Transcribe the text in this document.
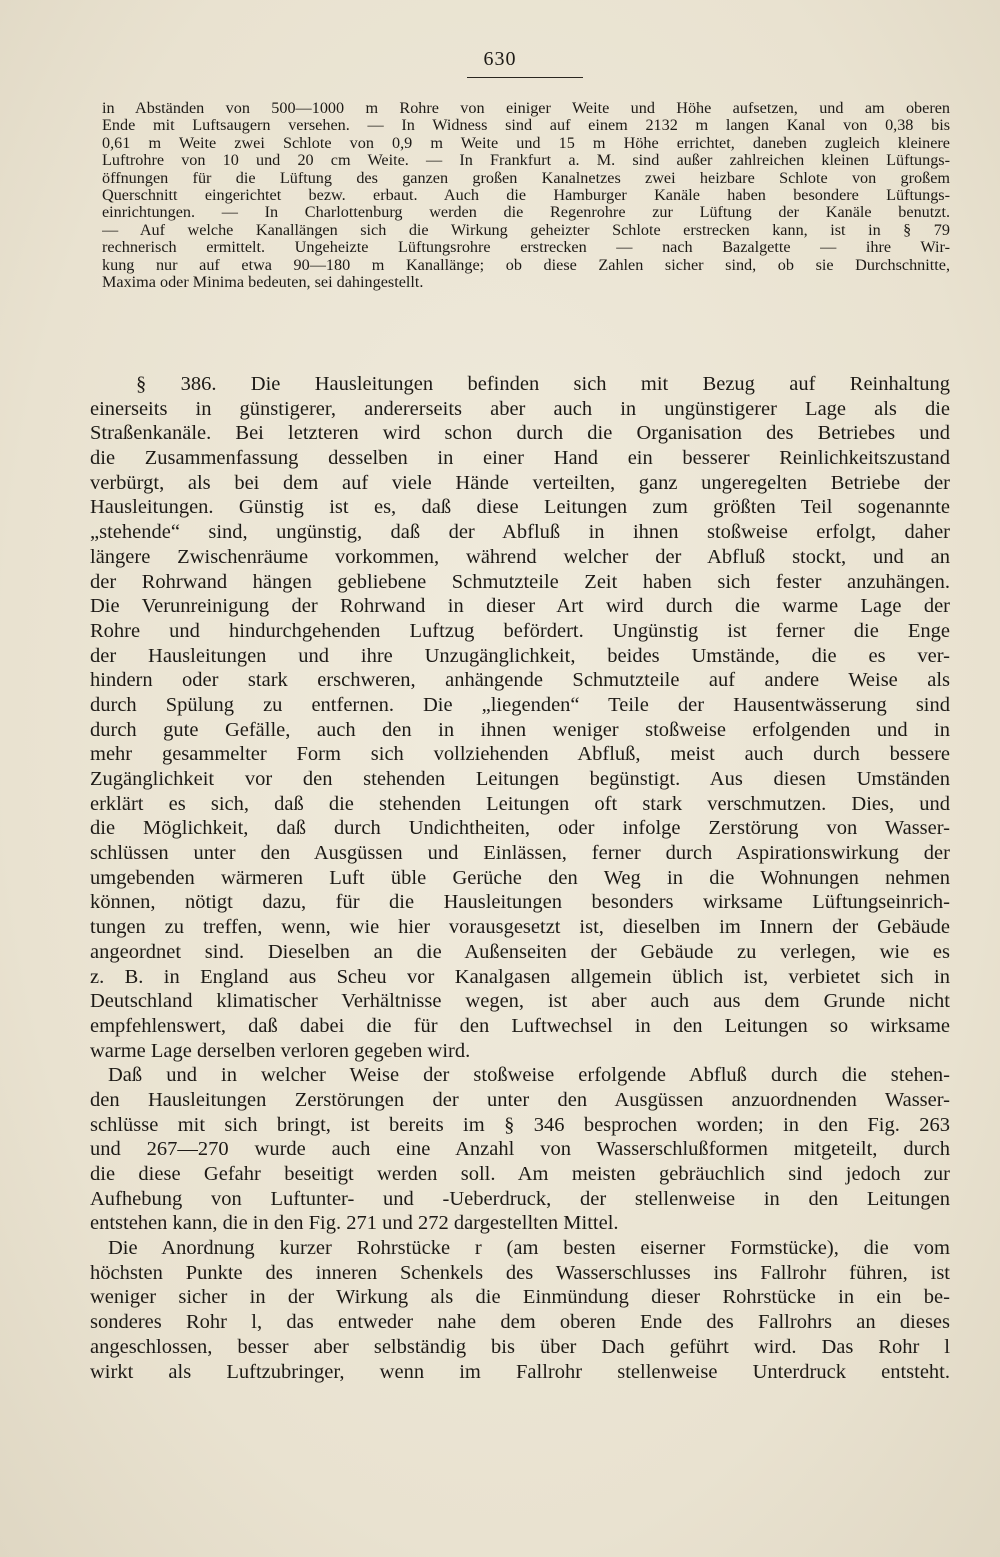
630
in Abständen von 500—1000 m Rohre von einiger Weite und Höhe aufsetzen, und am oberen
Ende mit Luftsaugern versehen. — In Widness sind auf einem 2132 m langen Kanal von 0,38 bis
0,61 m Weite zwei Schlote von 0,9 m Weite und 15 m Höhe errichtet, daneben zugleich kleinere
Luftrohre von 10 und 20 cm Weite. — In Frankfurt a. M. sind außer zahlreichen kleinen Lüftungs-
öffnungen für die Lüftung des ganzen großen Kanalnetzes zwei heizbare Schlote von großem
Querschnitt eingerichtet bezw. erbaut. Auch die Hamburger Kanäle haben besondere Lüftungs-
einrichtungen. — In Charlottenburg werden die Regenrohre zur Lüftung der Kanäle benutzt.
— Auf welche Kanallängen sich die Wirkung geheizter Schlote erstrecken kann, ist in § 79
rechnerisch ermittelt. Ungeheizte Lüftungsrohre erstrecken — nach Bazalgette — ihre Wir-
kung nur auf etwa 90—180 m Kanallänge; ob diese Zahlen sicher sind, ob sie Durchschnitte,
Maxima oder Minima bedeuten, sei dahingestellt.
§ 386. Die Hausleitungen befinden sich mit Bezug auf Reinhaltung
einerseits in günstigerer, andererseits aber auch in ungünstigerer Lage als die
Straßenkanäle. Bei letzteren wird schon durch die Organisation des Betriebes und
die Zusammenfassung desselben in einer Hand ein besserer Reinlichkeitszustand
verbürgt, als bei dem auf viele Hände verteilten, ganz ungeregelten Betriebe der
Hausleitungen. Günstig ist es, daß diese Leitungen zum größten Teil sogenannte
„stehende“ sind, ungünstig, daß der Abfluß in ihnen stoßweise erfolgt, daher
längere Zwischenräume vorkommen, während welcher der Abfluß stockt, und an
der Rohrwand hängen gebliebene Schmutzteile Zeit haben sich fester anzuhängen.
Die Verunreinigung der Rohrwand in dieser Art wird durch die warme Lage der
Rohre und hindurchgehenden Luftzug befördert. Ungünstig ist ferner die Enge
der Hausleitungen und ihre Unzugänglichkeit, beides Umstände, die es ver-
hindern oder stark erschweren, anhängende Schmutzteile auf andere Weise als
durch Spülung zu entfernen. Die „liegenden“ Teile der Hausentwässerung sind
durch gute Gefälle, auch den in ihnen weniger stoßweise erfolgenden und in
mehr gesammelter Form sich vollziehenden Abfluß, meist auch durch bessere
Zugänglichkeit vor den stehenden Leitungen begünstigt. Aus diesen Umständen
erklärt es sich, daß die stehenden Leitungen oft stark verschmutzen. Dies, und
die Möglichkeit, daß durch Undichtheiten, oder infolge Zerstörung von Wasser-
schlüssen unter den Ausgüssen und Einlässen, ferner durch Aspirationswirkung der
umgebenden wärmeren Luft üble Gerüche den Weg in die Wohnungen nehmen
können, nötigt dazu, für die Hausleitungen besonders wirksame Lüftungseinrich-
tungen zu treffen, wenn, wie hier vorausgesetzt ist, dieselben im Innern der Gebäude
angeordnet sind. Dieselben an die Außenseiten der Gebäude zu verlegen, wie es
z. B. in England aus Scheu vor Kanalgasen allgemein üblich ist, verbietet sich in
Deutschland klimatischer Verhältnisse wegen, ist aber auch aus dem Grunde nicht
empfehlenswert, daß dabei die für den Luftwechsel in den Leitungen so wirksame
warme Lage derselben verloren gegeben wird.
Daß und in welcher Weise der stoßweise erfolgende Abfluß durch die stehen-
den Hausleitungen Zerstörungen der unter den Ausgüssen anzuordnenden Wasser-
schlüsse mit sich bringt, ist bereits im § 346 besprochen worden; in den Fig. 263
und 267—270 wurde auch eine Anzahl von Wasserschlußformen mitgeteilt, durch
die diese Gefahr beseitigt werden soll. Am meisten gebräuchlich sind jedoch zur
Aufhebung von Luftunter- und -Ueberdruck, der stellenweise in den Leitungen
entstehen kann, die in den Fig. 271 und 272 dargestellten Mittel.
Die Anordnung kurzer Rohrstücke r (am besten eiserner Formstücke), die vom
höchsten Punkte des inneren Schenkels des Wasserschlusses ins Fallrohr führen, ist
weniger sicher in der Wirkung als die Einmündung dieser Rohrstücke in ein be-
sonderes Rohr l, das entweder nahe dem oberen Ende des Fallrohrs an dieses
angeschlossen, besser aber selbständig bis über Dach geführt wird. Das Rohr l
wirkt als Luftzubringer, wenn im Fallrohr stellenweise Unterdruck entsteht.
